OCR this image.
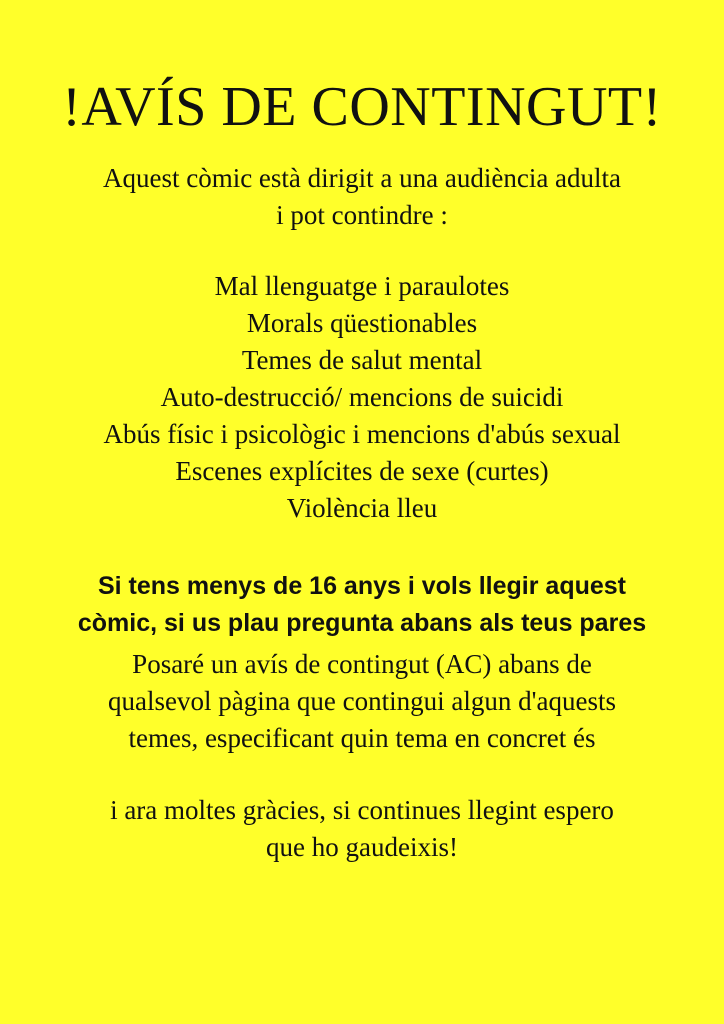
!AVÍS DE CONTINGUT!

Aquest còmic està dirigit a una audiència adulta
i pot contindre :

Mal llenguatge i paraulotes
Morals qüestionables
Temes de salut mental
Auto-destrucció/ mencions de suicidi
Abús físic i psicològic i mencions d'abús sexual
Escenes explícites de sexe (curtes)
Violència lleu

Si tens menys de 16 anys i vols llegir aquest
còmic, si us plau pregunta abans als teus pares

Posaré un avís de contingut (AC) abans de
qualsevol pàgina que contingui algun d'aquests
temes, especificant quin tema en concret és

i ara moltes gràcies, si continues llegint espero
que ho gaudeixis!
